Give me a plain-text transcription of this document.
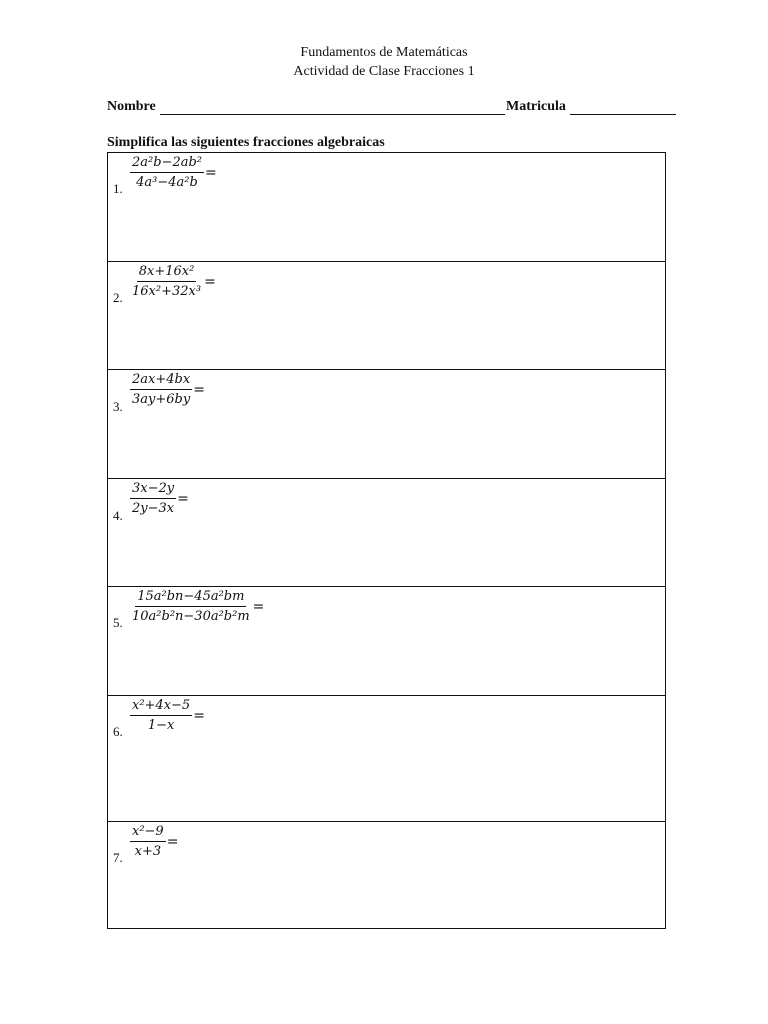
Fundamentos de Matemáticas
Actividad de Clase Fracciones 1
Nombre	Matricula
Simplifica las siguientes fracciones algebraicas
1. $\frac{\text{2a²b−2ab²}}{\text{4a³−4a²b}}$ =
2. $\frac{\text{8x+16x²}}{\text{16x²+32x³}}$ =
3. $\frac{2ax+4bx}{3ay+6by}$ =
4. $\frac{3x-2y}{2y-3x}$ =
5. $\frac{\text{15a²bn−45a²bm}}{\text{10a²b²n−30a²b²m}}$ =
6. $\frac{\text{x²+4x−5}}{1-x}$ =
7. $\frac{\text{x²−9}}{x+3}$ =
